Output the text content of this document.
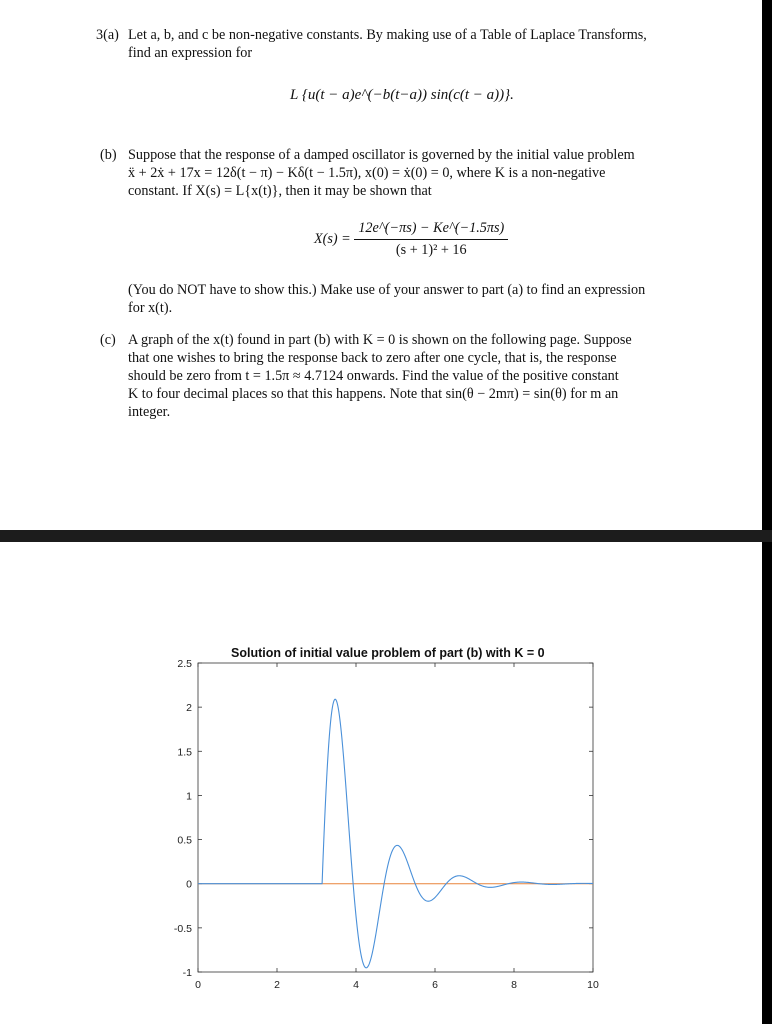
3(a) Let a, b, and c be non-negative constants. By making use of a Table of Laplace Transforms,
find an expression for
L {u(t − a)e^(−b(t−a)) sin(c(t − a))}.
(b) Suppose that the response of a damped oscillator is governed by the initial value problem
ẍ + 2ẋ + 17x = 12δ(t − π) − Kδ(t − 1.5π), x(0) = ẋ(0) = 0, where K is a non-negative
constant. If X(s) = L{x(t)}, then it may be shown that
$X(s) = \frac{12e\^{}(-\pi s) - Ke\^{}(-1.5\pi s)}{\text{(s + 1)² + 16}}$
(You do NOT have to show this.) Make use of your answer to part (a) to find an expression
for x(t).
(c) A graph of the x(t) found in part (b) with K = 0 is shown on the following page. Suppose
that one wishes to bring the response back to zero after one cycle, that is, the response
should be zero from t = 1.5π ≈ 4.7124 onwards. Find the value of the positive constant
K to four decimal places so that this happens. Note that sin(θ − 2mπ) = sin(θ) for m an
integer.
Solution of initial value problem of part (b) with K = 0
0	2	4	6	8	10
-1
-0.5
0
0.5
1
1.5
2
2.5
